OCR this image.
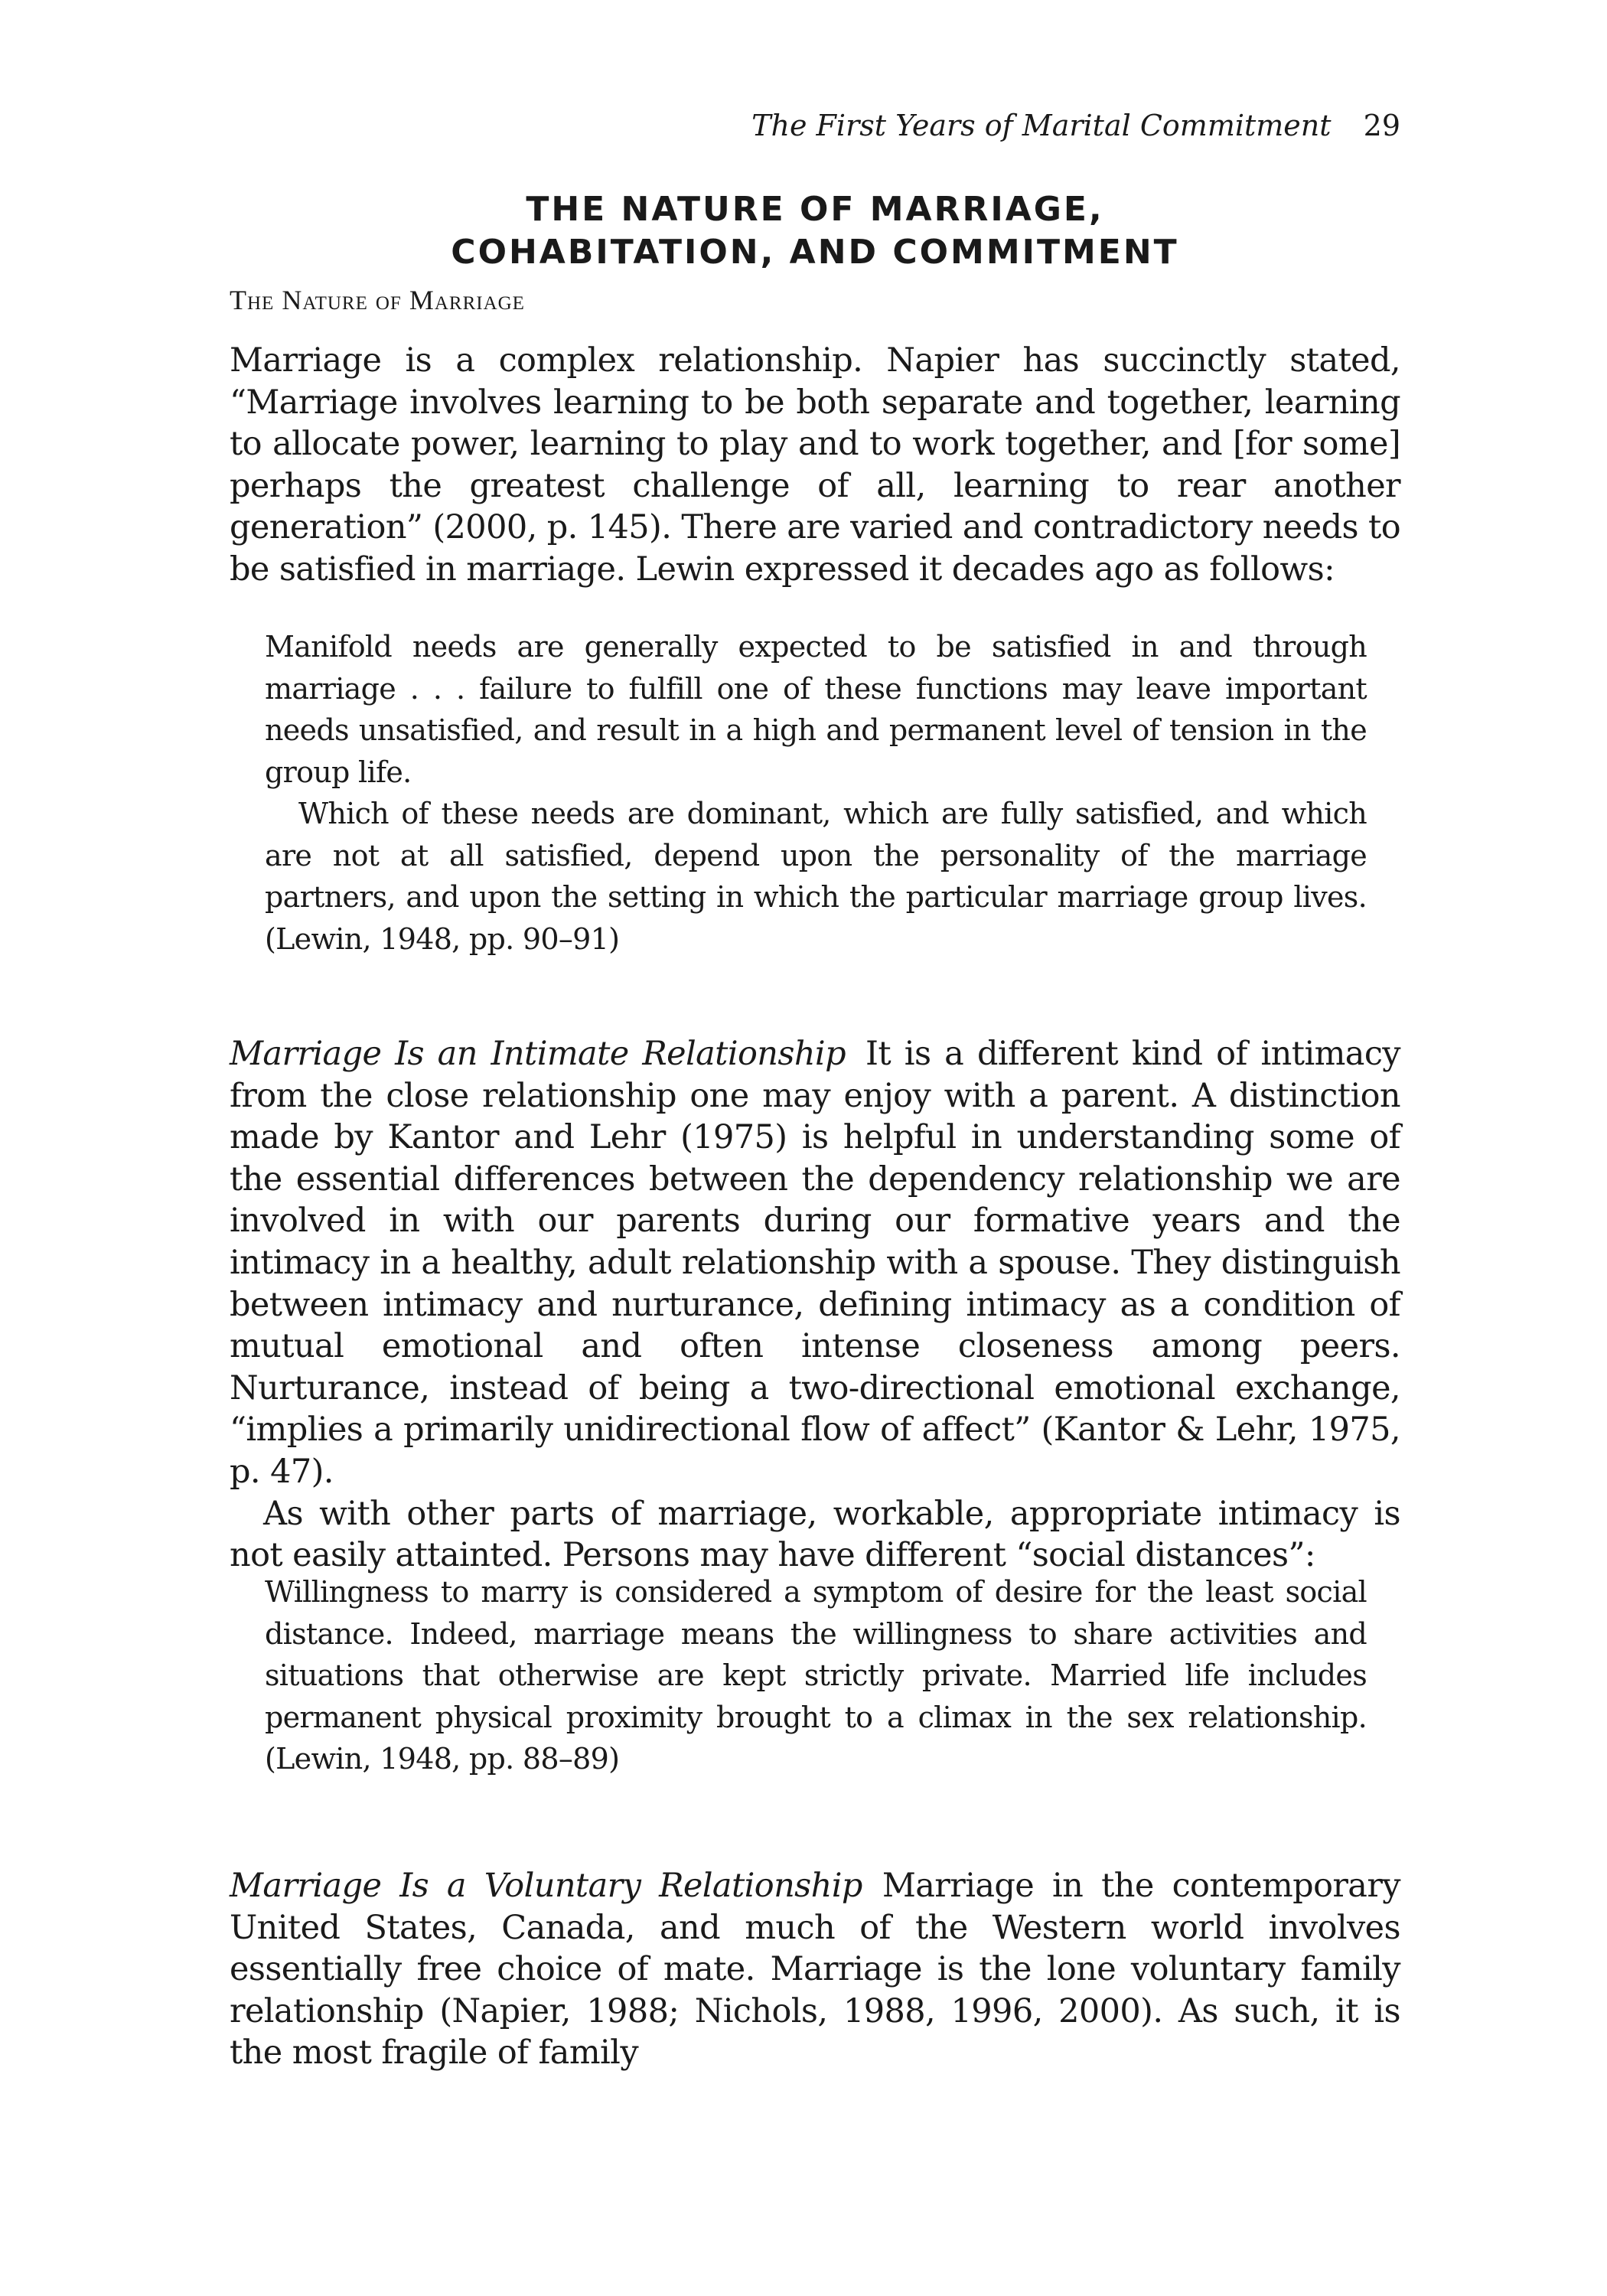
The First Years of Marital Commitment 29
THE NATURE OF MARRIAGE,
COHABITATION, AND COMMITMENT
The Nature of Marriage

Marriage is a complex relationship. Napier has succinctly stated, “Marriage involves learning to be both separate and together, learning to allocate power, learning to play and to work together, and [for some] perhaps the greatest challenge of all, learning to rear another generation” (2000, p. 145). There are varied and contradictory needs to be satisfied in marriage. Lewin expressed it decades ago as follows:

Manifold needs are generally expected to be satisfied in and through marriage . . . failure to fulfill one of these functions may leave important needs unsatisfied, and result in a high and permanent level of tension in the group life.

Which of these needs are dominant, which are fully satisfied, and which are not at all satisfied, depend upon the personality of the marriage partners, and upon the setting in which the particular marriage group lives. (Lewin, 1948, pp. 90–91)

Marriage Is an Intimate Relationship It is a different kind of intimacy from the close relationship one may enjoy with a parent. A distinction made by Kantor and Lehr (1975) is helpful in understanding some of the essential differences between the dependency relationship we are involved in with our parents during our formative years and the intimacy in a healthy, adult relationship with a spouse. They distinguish between intimacy and nurturance, defining intimacy as a condition of mutual emotional and often intense closeness among peers. Nurturance, instead of being a two-directional emotional exchange, “implies a primarily unidirectional flow of affect” (Kantor & Lehr, 1975, p. 47).

As with other parts of marriage, workable, appropriate intimacy is not easily attainted. Persons may have different “social distances”:

Willingness to marry is considered a symptom of desire for the least social distance. Indeed, marriage means the willingness to share activities and situations that otherwise are kept strictly private. Married life includes permanent physical proximity brought to a climax in the sex relationship. (Lewin, 1948, pp. 88–89)

Marriage Is a Voluntary Relationship Marriage in the contemporary United States, Canada, and much of the Western world involves essentially free choice of mate. Marriage is the lone voluntary family relationship (Napier, 1988; Nichols, 1988, 1996, 2000). As such, it is the most fragile of family
